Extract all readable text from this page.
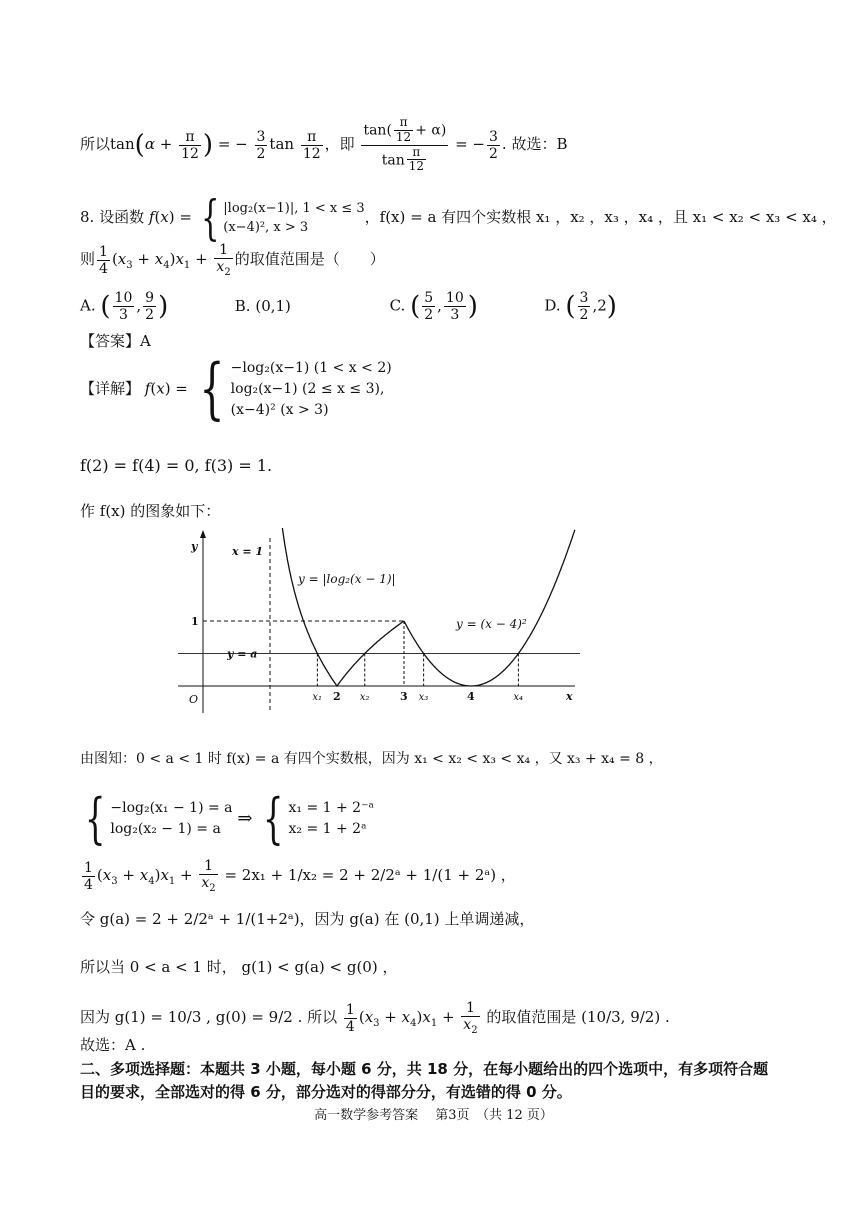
所以$\tan(\alpha + \frac{\pi}{12}$ ) = − $\frac{3}{2}$ $\tan \frac{\pi}{12}$ ，即 $\frac{\tan( \frac{\pi}{12} + \alpha)}{\tan \frac{\pi}{12}}$ = − $\frac{3}{2}$ . 故选：B
8. 设函数 f(x) = { |log₂(x−1)|, 1 < x ≤ 3
(x−4)², x > 3
，f(x) = a 有四个实数根 x₁ ，x₂ ，x₃ ，x₄ ，且 x₁ < x₂ < x₃ < x₄ ，
则 $\frac{1}{4} (x_3 + x_4)x_1 + \frac{1}{x_2}$ 的取值范围是（　　）
A. ( $\frac{10}{3}$ , $\frac{9}{2}$ )	B. (0,1)	C. ( $\frac{5}{2}$ , $\frac{10}{3}$ )	D. ( $\frac{3}{2} ,2$)
【答案】A
【详解】 f(x) = { −log₂(x−1) (1 < x < 2)
log₂(x−1) (2 ≤ x ≤ 3),
(x−4)² (x > 3)
f(2) = f(4) = 0, f(3) = 1.
作 f(x) 的图象如下：
y	x = 1
y = |log₂(x − 1)|
y = (x − 4)²
y = a
1
O	2	3	4
x₁	x₂	x₃	x₄	x
由图知：0 < a < 1 时 f(x) = a 有四个实数根，因为 x₁ < x₂ < x₃ < x₄ ，又 x₃ + x₄ = 8 ，
{ −log₂(x₁ − 1) = a
log₂(x₂ − 1) = a ⇒ { x₁ = 1 + 2⁻ᵃ
x₂ = 1 + 2ᵃ
$\frac{1}{4} (x_3 + x_4)x_1 + \frac{1}{x_2} = 2x_1 + 1/x_2 = 2$ + 2/2ᵃ + 1/(1 + 2ᵃ) ，
令 g(a) = 2 + 2/2ᵃ + 1/(1+2ᵃ)，因为 g(a) 在 (0,1) 上单调递减，
所以当 0 < a < 1 时， g(1) < g(a) < g(0) ，
因为 g(1) = 10/3 , g(0) = 9/2 . 所以 $\frac{1}{4} (x_3 + x_4)x_1 + \frac{1}{x_2}$ 的取值范围是 (10/3, 9/2) .
故选：A .
二、多项选择题：本题共 3 小题，每小题 6 分，共 18 分，在每小题给出的四个选项中，有多项符合题目的要求，全部选对的得 6 分，部分选对的得部分分，有选错的得 0 分。
高一数学参考答案　 第3页　（共 12 页）
